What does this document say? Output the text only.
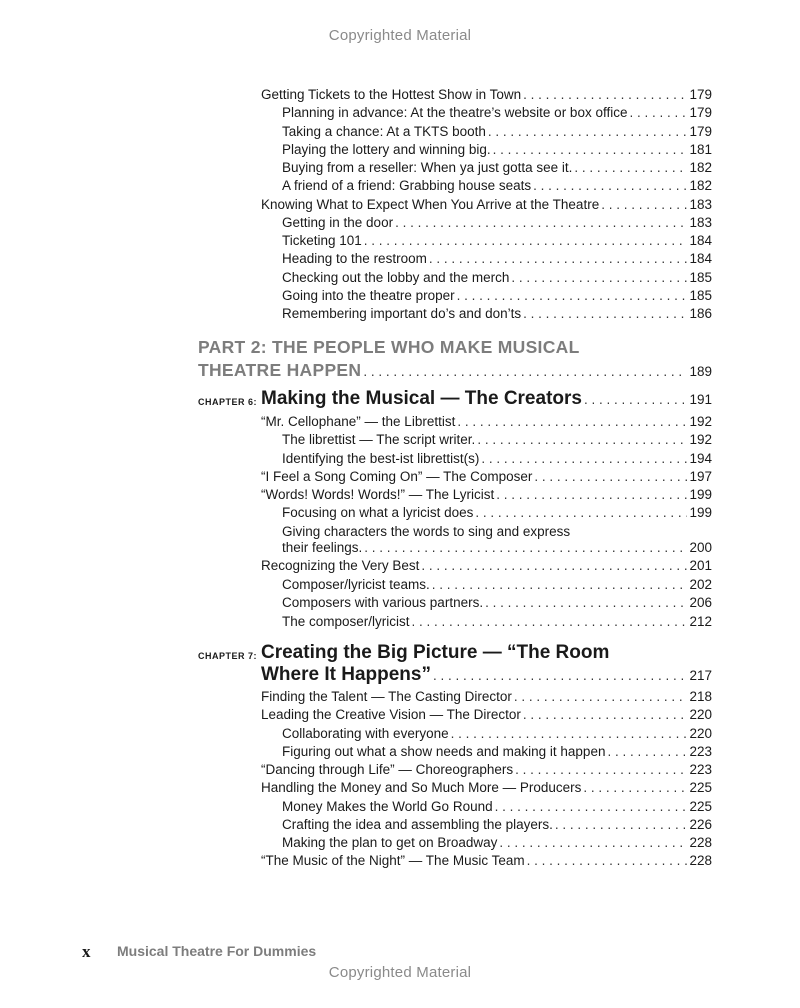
Copyrighted Material
Getting Tickets to the Hottest Show in Town . . .	179
Planning in advance: At the theatre’s website or box office . . .	179
Taking a chance: At a TKTS booth . . .	179
Playing the lottery and winning big. . . .	181
Buying from a reseller: When ya just gotta see it. . . .	182
A friend of a friend: Grabbing house seats . . .	182
Knowing What to Expect When You Arrive at the Theatre . . .	183
Getting in the door . . .	183
Ticketing 101 . . .	184
Heading to the restroom . . .	184
Checking out the lobby and the merch . . .	185
Going into the theatre proper . . .	185
Remembering important do’s and don’ts . . .	186
PART 2: THE PEOPLE WHO MAKE MUSICAL
THEATRE HAPPEN . . .	189
CHAPTER 6: Making the Musical — The Creators . . .	191
“Mr. Cellophane” — the Librettist . . .	192
The librettist — The script writer. . . .	192
Identifying the best-ist librettist(s) . . .	194
“I Feel a Song Coming On” — The Composer . . .	197
“Words! Words! Words!” — The Lyricist . . .	199
Focusing on what a lyricist does . . .	199
Giving characters the words to sing and express
their feelings. . . .	200
Recognizing the Very Best . . .	201
Composer/lyricist teams. . . .	202
Composers with various partners. . . .	206
The composer/lyricist . . .	212
CHAPTER 7: Creating the Big Picture — “The Room
Where It Happens” . . .	217
Finding the Talent — The Casting Director . . .	218
Leading the Creative Vision — The Director . . .	220
Collaborating with everyone . . .	220
Figuring out what a show needs and making it happen . . .	223
“Dancing through Life” — Choreographers . . .	223
Handling the Money and So Much More — Producers . . .	225
Money Makes the World Go Round . . .	225
Crafting the idea and assembling the players. . . .	226
Making the plan to get on Broadway . . .	228
“The Music of the Night” — The Music Team . . .	228
x Musical Theatre For Dummies
Copyrighted Material
